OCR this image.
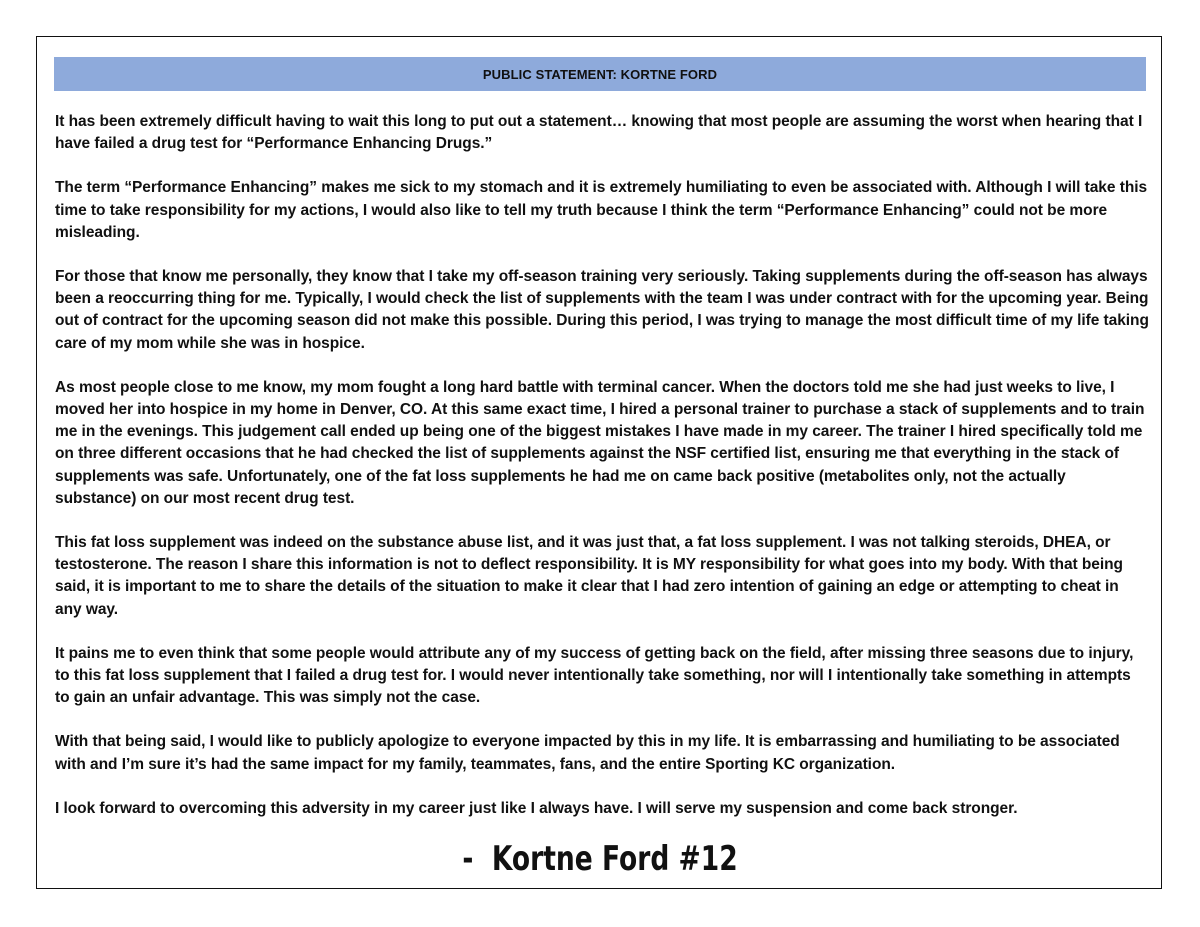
PUBLIC STATEMENT: KORTNE FORD

It has been extremely difficult having to wait this long to put out a statement… knowing that most people are assuming the worst when hearing that I have failed a drug test for “Performance Enhancing Drugs.”

The term “Performance Enhancing” makes me sick to my stomach and it is extremely humiliating to even be associated with. Although I will take this time to take responsibility for my actions, I would also like to tell my truth because I think the term “Performance Enhancing” could not be more misleading.

For those that know me personally, they know that I take my off-season training very seriously. Taking supplements during the off-season has always been a reoccurring thing for me. Typically, I would check the list of supplements with the team I was under contract with for the upcoming year. Being out of contract for the upcoming season did not make this possible. During this period, I was trying to manage the most difficult time of my life taking care of my mom while she was in hospice.

As most people close to me know, my mom fought a long hard battle with terminal cancer. When the doctors told me she had just weeks to live, I moved her into hospice in my home in Denver, CO. At this same exact time, I hired a personal trainer to purchase a stack of supplements and to train me in the evenings. This judgement call ended up being one of the biggest mistakes I have made in my career. The trainer I hired specifically told me on three different occasions that he had checked the list of supplements against the NSF certified list, ensuring me that everything in the stack of supplements was safe. Unfortunately, one of the fat loss supplements he had me on came back positive (metabolites only, not the actually substance) on our most recent drug test.

This fat loss supplement was indeed on the substance abuse list, and it was just that, a fat loss supplement. I was not talking steroids, DHEA, or testosterone. The reason I share this information is not to deflect responsibility. It is MY responsibility for what goes into my body. With that being said, it is important to me to share the details of the situation to make it clear that I had zero intention of gaining an edge or attempting to cheat in any way.

It pains me to even think that some people would attribute any of my success of getting back on the field, after missing three seasons due to injury, to this fat loss supplement that I failed a drug test for. I would never intentionally take something, nor will I intentionally take something in attempts to gain an unfair advantage. This was simply not the case.

With that being said, I would like to publicly apologize to everyone impacted by this in my life. It is embarrassing and humiliating to be associated with and I’m sure it’s had the same impact for my family, teammates, fans, and the entire Sporting KC organization.

I look forward to overcoming this adversity in my career just like I always have. I will serve my suspension and come back stronger.

-  Kortne Ford #12
